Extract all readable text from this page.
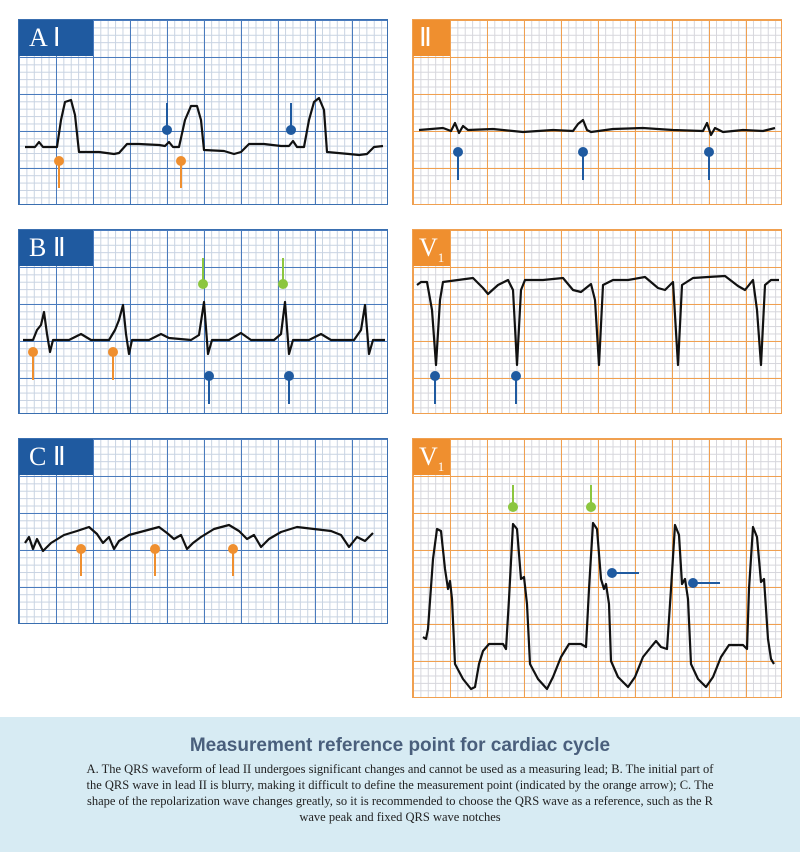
A Ⅰ	Ⅱ
B Ⅱ	$V_1$
C Ⅱ	$V_1$
Measurement reference point for cardiac cycle

A. The QRS waveform of lead II undergoes significant changes and cannot be used as a measuring lead; B. The initial part of the QRS wave in lead II is blurry, making it difficult to define the measurement point (indicated by the orange arrow); C. The shape of the repolarization wave changes greatly, so it is recommended to choose the QRS wave as a reference, such as the R wave peak and fixed QRS wave notches
